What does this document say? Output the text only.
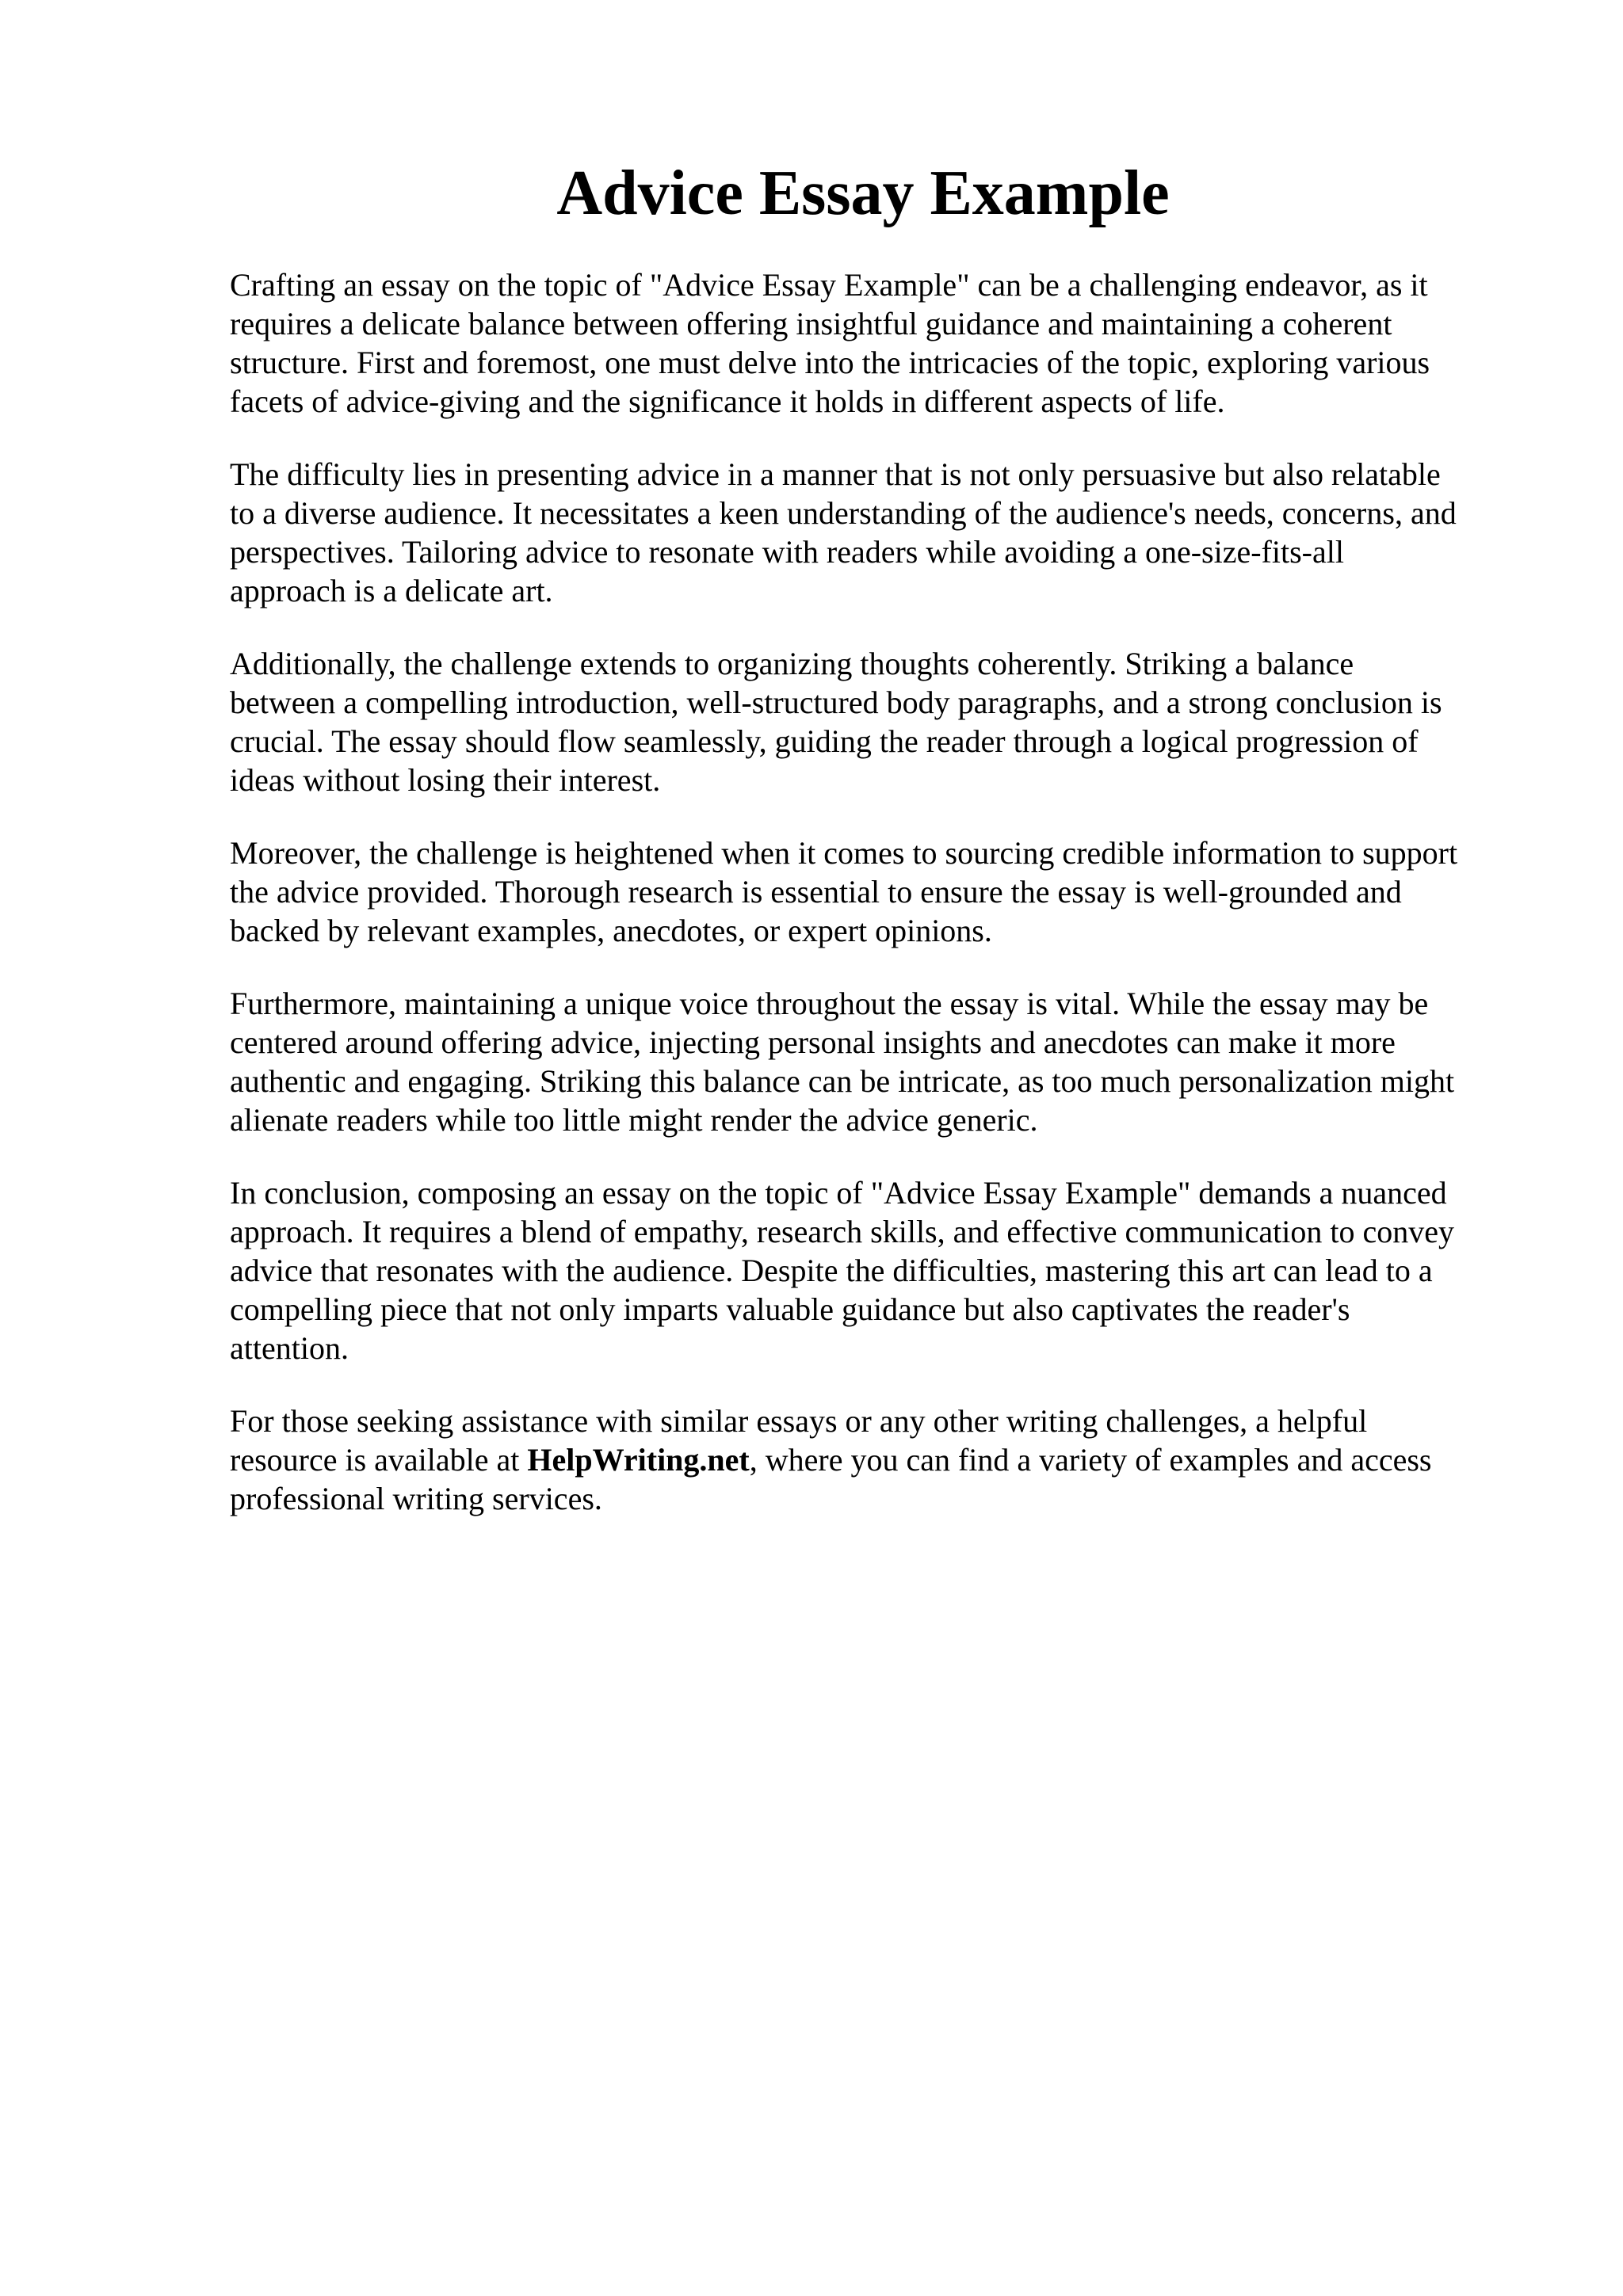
Advice Essay Example

Crafting an essay on the topic of "Advice Essay Example" can be a challenging endeavor, as it
requires a delicate balance between offering insightful guidance and maintaining a coherent
structure. First and foremost, one must delve into the intricacies of the topic, exploring various
facets of advice-giving and the significance it holds in different aspects of life.

The difficulty lies in presenting advice in a manner that is not only persuasive but also relatable
to a diverse audience. It necessitates a keen understanding of the audience's needs, concerns, and
perspectives. Tailoring advice to resonate with readers while avoiding a one-size-fits-all
approach is a delicate art.

Additionally, the challenge extends to organizing thoughts coherently. Striking a balance
between a compelling introduction, well-structured body paragraphs, and a strong conclusion is
crucial. The essay should flow seamlessly, guiding the reader through a logical progression of
ideas without losing their interest.

Moreover, the challenge is heightened when it comes to sourcing credible information to support
the advice provided. Thorough research is essential to ensure the essay is well-grounded and
backed by relevant examples, anecdotes, or expert opinions.

Furthermore, maintaining a unique voice throughout the essay is vital. While the essay may be
centered around offering advice, injecting personal insights and anecdotes can make it more
authentic and engaging. Striking this balance can be intricate, as too much personalization might
alienate readers while too little might render the advice generic.

In conclusion, composing an essay on the topic of "Advice Essay Example" demands a nuanced
approach. It requires a blend of empathy, research skills, and effective communication to convey
advice that resonates with the audience. Despite the difficulties, mastering this art can lead to a
compelling piece that not only imparts valuable guidance but also captivates the reader's
attention.

For those seeking assistance with similar essays or any other writing challenges, a helpful
resource is available at HelpWriting.net, where you can find a variety of examples and access
professional writing services.
